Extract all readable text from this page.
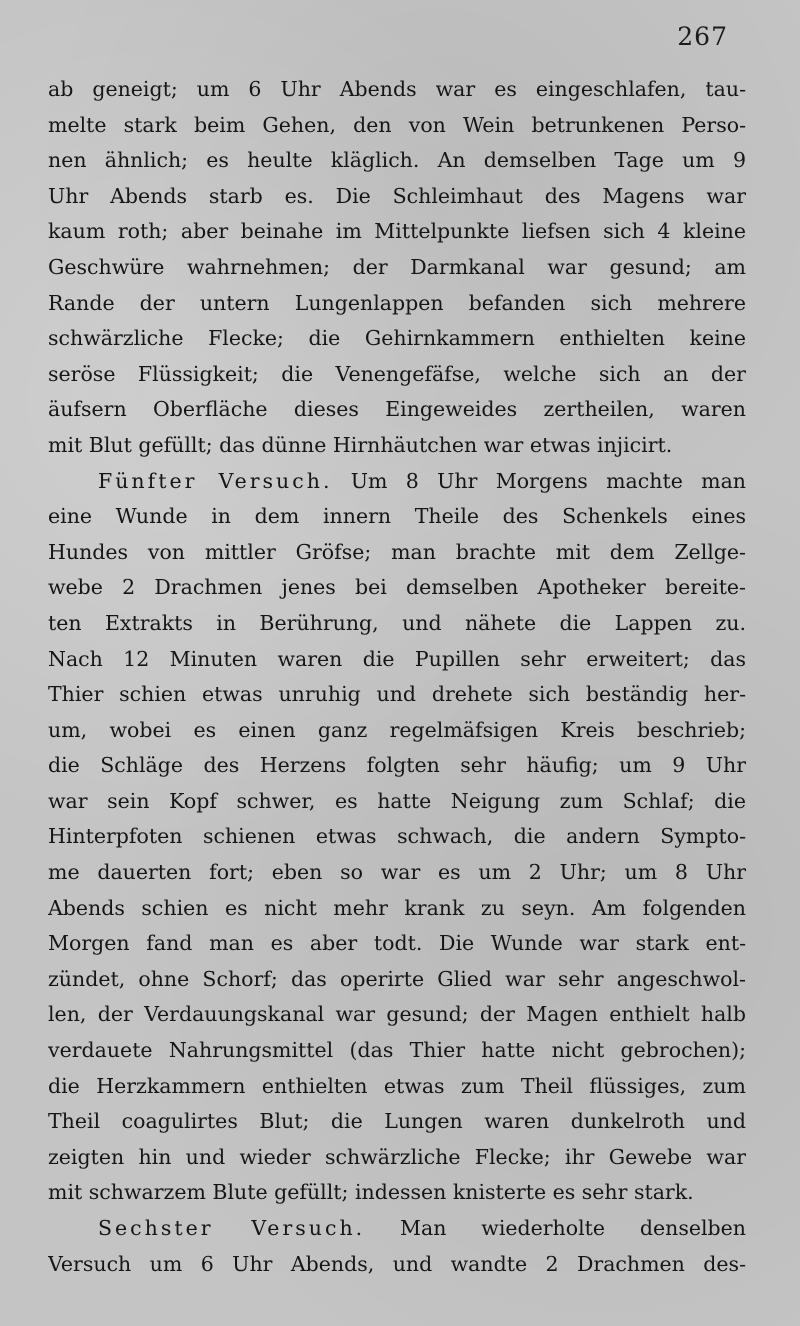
267
ab geneigt; um 6 Uhr Abends war es eingeschlafen, tau-
melte stark beim Gehen, den von Wein betrunkenen Perso-
nen ähnlich; es heulte kläglich. An demselben Tage um 9
Uhr Abends starb es. Die Schleimhaut des Magens war
kaum roth; aber beinahe im Mittelpunkte liefsen sich 4 kleine
Geschwüre wahrnehmen; der Darmkanal war gesund; am
Rande der untern Lungenlappen befanden sich mehrere
schwärzliche Flecke; die Gehirnkammern enthielten keine
seröse Flüssigkeit; die Venengefäfse, welche sich an der
äufsern Oberfläche dieses Eingeweides zertheilen, waren
mit Blut gefüllt; das dünne Hirnhäutchen war etwas injicirt.
Fünfter Versuch. Um 8 Uhr Morgens machte man
eine Wunde in dem innern Theile des Schenkels eines
Hundes von mittler Gröfse; man brachte mit dem Zellge-
webe 2 Drachmen jenes bei demselben Apotheker bereite-
ten Extrakts in Berührung, und nähete die Lappen zu.
Nach 12 Minuten waren die Pupillen sehr erweitert; das
Thier schien etwas unruhig und drehete sich beständig her-
um, wobei es einen ganz regelmäfsigen Kreis beschrieb;
die Schläge des Herzens folgten sehr häufig; um 9 Uhr
war sein Kopf schwer, es hatte Neigung zum Schlaf; die
Hinterpfoten schienen etwas schwach, die andern Sympto-
me dauerten fort; eben so war es um 2 Uhr; um 8 Uhr
Abends schien es nicht mehr krank zu seyn. Am folgenden
Morgen fand man es aber todt. Die Wunde war stark ent-
zündet, ohne Schorf; das operirte Glied war sehr angeschwol-
len, der Verdauungskanal war gesund; der Magen enthielt halb
verdauete Nahrungsmittel (das Thier hatte nicht gebrochen);
die Herzkammern enthielten etwas zum Theil flüssiges, zum
Theil coagulirtes Blut; die Lungen waren dunkelroth und
zeigten hin und wieder schwärzliche Flecke; ihr Gewebe war
mit schwarzem Blute gefüllt; indessen knisterte es sehr stark.
Sechster Versuch. Man wiederholte denselben
Versuch um 6 Uhr Abends, und wandte 2 Drachmen des-
